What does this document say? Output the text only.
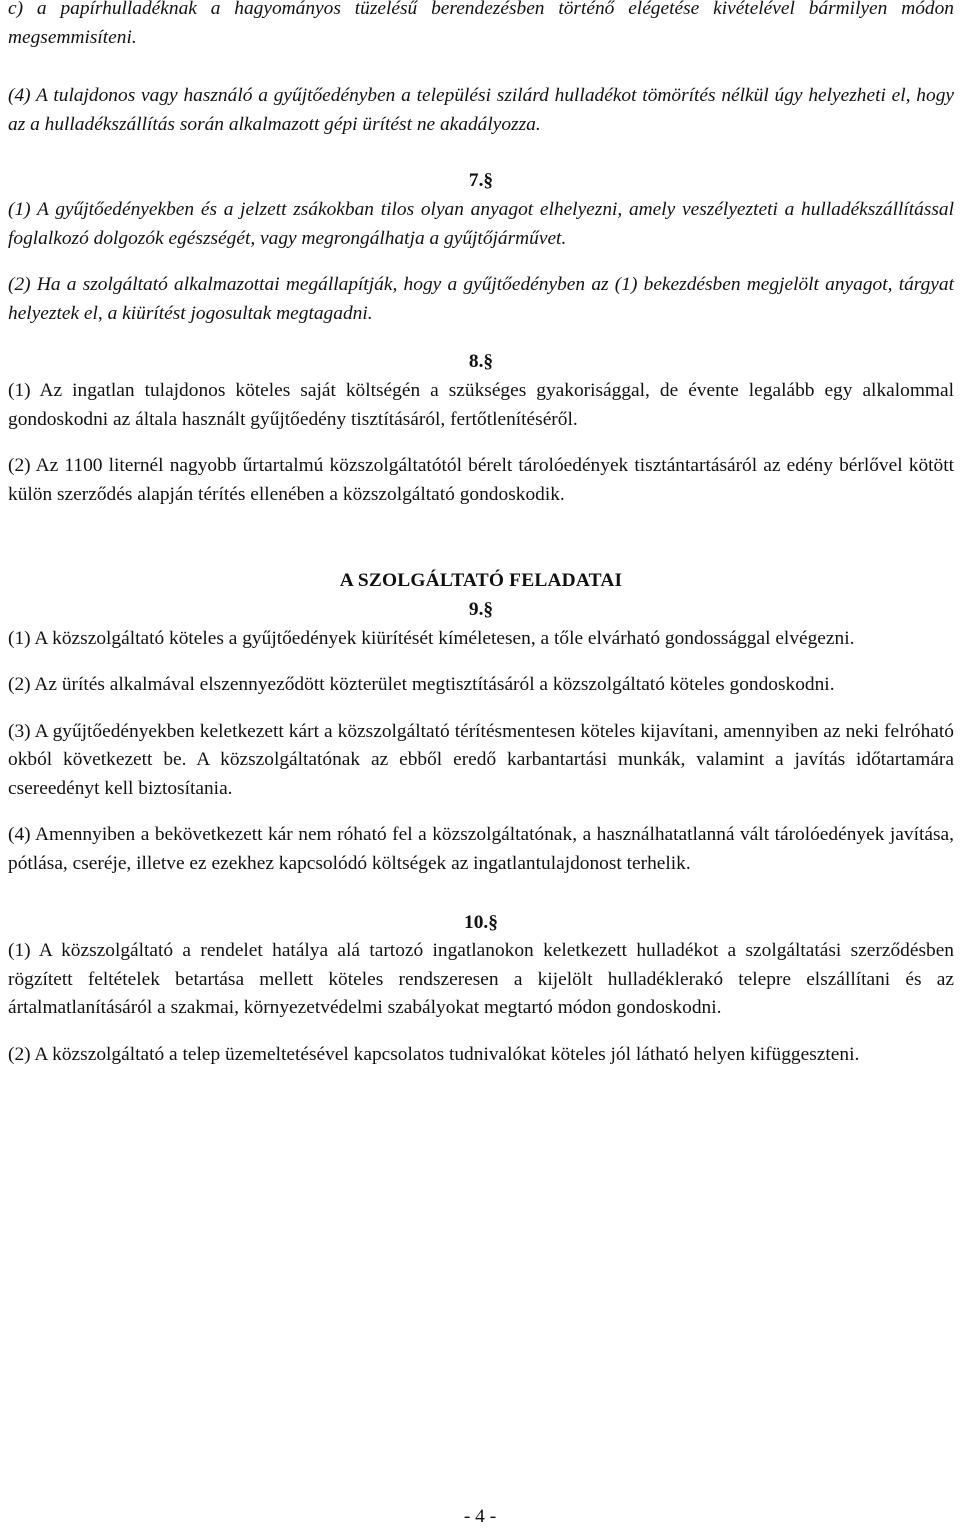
c) a papírhulladéknak a hagyományos tüzelésű berendezésben történő elégetése kivételével bármilyen módon megsemmisíteni.

(4) A tulajdonos vagy használó a gyűjtőedényben a települési szilárd hulladékot tömörítés nélkül úgy helyezheti el, hogy az a hulladékszállítás során alkalmazott gépi ürítést ne akadályozza.

7.§

(1) A gyűjtőedényekben és a jelzett zsákokban tilos olyan anyagot elhelyezni, amely veszélyezteti a hulladékszállítással foglalkozó dolgozók egészségét, vagy megrongálhatja a gyűjtőjárművet.

(2) Ha a szolgáltató alkalmazottai megállapítják, hogy a gyűjtőedényben az (1) bekezdésben megjelölt anyagot, tárgyat helyeztek el, a kiürítést jogosultak megtagadni.

8.§

(1) Az ingatlan tulajdonos köteles saját költségén a szükséges gyakorisággal, de évente legalább egy alkalommal gondoskodni az általa használt gyűjtőedény tisztításáról, fertőtlenítéséről.

(2) Az 1100 liternél nagyobb űrtartalmú közszolgáltatótól bérelt tárolóedények tisztántartásáról az edény bérlővel kötött külön szerződés alapján térítés ellenében a közszolgáltató gondoskodik.

A SZOLGÁLTATÓ FELADATAI

9.§

(1) A közszolgáltató köteles a gyűjtőedények kiürítését kíméletesen, a tőle elvárható gondossággal elvégezni.

(2) Az ürítés alkalmával elszennyeződött közterület megtisztításáról a közszolgáltató köteles gondoskodni.

(3) A gyűjtőedényekben keletkezett kárt a közszolgáltató térítésmentesen köteles kijavítani, amennyiben az neki felróható okból következett be. A közszolgáltatónak az ebből eredő karbantartási munkák, valamint a javítás időtartamára csereedényt kell biztosítania.

(4) Amennyiben a bekövetkezett kár nem róható fel a közszolgáltatónak, a használhatatlanná vált tárolóedények javítása, pótlása, cseréje, illetve ez ezekhez kapcsolódó költségek az ingatlantulajdonost terhelik.

10.§

(1) A közszolgáltató a rendelet hatálya alá tartozó ingatlanokon keletkezett hulladékot a szolgáltatási szerződésben rögzített feltételek betartása mellett köteles rendszeresen a kijelölt hulladéklerakó telepre elszállítani és az ártalmatlanításáról a szakmai, környezetvédelmi szabályokat megtartó módon gondoskodni.

(2) A közszolgáltató a telep üzemeltetésével kapcsolatos tudnivalókat köteles jól látható helyen kifüggeszteni.

- 4 -
